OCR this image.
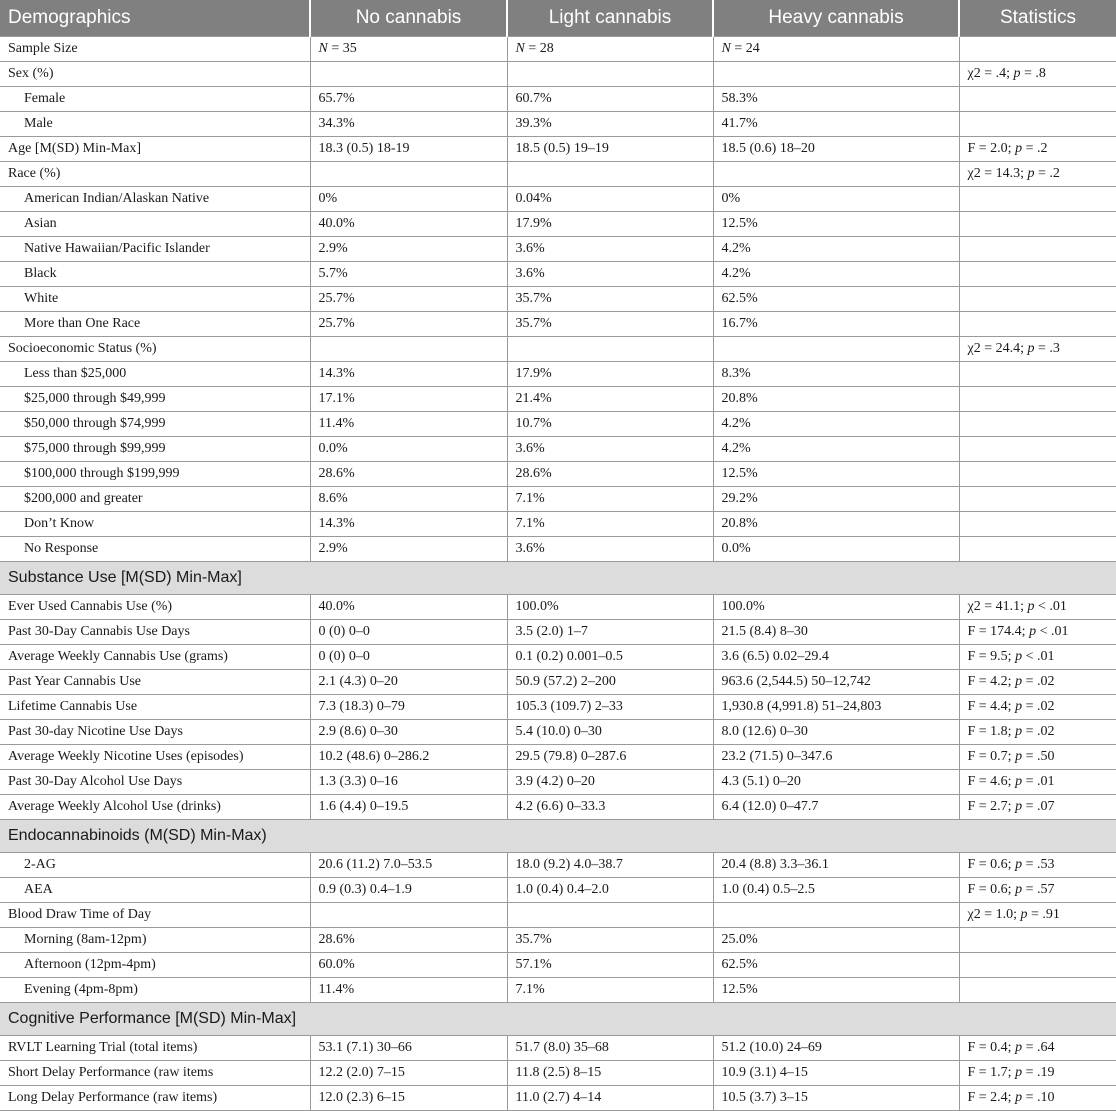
Demographics	No cannabis	Light cannabis	Heavy cannabis	Statistics
Sample Size	N = 35	N = 28	N = 24	
Sex (%)				χ2 = .4; p = .8
Female	65.7%	60.7%	58.3%	
Male	34.3%	39.3%	41.7%	
Age [M(SD) Min-Max]	18.3 (0.5) 18-19	18.5 (0.5) 19–19	18.5 (0.6) 18–20	F = 2.0; p = .2
Race (%)				χ2 = 14.3; p = .2
American Indian/Alaskan Native	0%	0.04%	0%	
Asian	40.0%	17.9%	12.5%	
Native Hawaiian/Pacific Islander	2.9%	3.6%	4.2%	
Black	5.7%	3.6%	4.2%	
White	25.7%	35.7%	62.5%	
More than One Race	25.7%	35.7%	16.7%	
Socioeconomic Status (%)				χ2 = 24.4; p = .3
Less than $25,000	14.3%	17.9%	8.3%	
$25,000 through $49,999	17.1%	21.4%	20.8%	
$50,000 through $74,999	11.4%	10.7%	4.2%	
$75,000 through $99,999	0.0%	3.6%	4.2%	
$100,000 through $199,999	28.6%	28.6%	12.5%	
$200,000 and greater	8.6%	7.1%	29.2%	
Don’t Know	14.3%	7.1%	20.8%	
No Response	2.9%	3.6%	0.0%	
Substance Use [M(SD) Min-Max]				
Ever Used Cannabis Use (%)	40.0%	100.0%	100.0%	χ2 = 41.1; p < .01
Past 30-Day Cannabis Use Days	0 (0) 0–0	3.5 (2.0) 1–7	21.5 (8.4) 8–30	F = 174.4; p < .01
Average Weekly Cannabis Use (grams)	0 (0) 0–0	0.1 (0.2) 0.001–0.5	3.6 (6.5) 0.02–29.4	F = 9.5; p < .01
Past Year Cannabis Use	2.1 (4.3) 0–20	50.9 (57.2) 2–200	963.6 (2,544.5) 50–12,742	F = 4.2; p = .02
Lifetime Cannabis Use	7.3 (18.3) 0–79	105.3 (109.7) 2–33	1,930.8 (4,991.8) 51–24,803	F = 4.4; p = .02
Past 30-day Nicotine Use Days	2.9 (8.6) 0–30	5.4 (10.0) 0–30	8.0 (12.6) 0–30	F = 1.8; p = .02
Average Weekly Nicotine Uses (episodes)	10.2 (48.6) 0–286.2	29.5 (79.8) 0–287.6	23.2 (71.5) 0–347.6	F = 0.7; p = .50
Past 30-Day Alcohol Use Days	1.3 (3.3) 0–16	3.9 (4.2) 0–20	4.3 (5.1) 0–20	F = 4.6; p = .01
Average Weekly Alcohol Use (drinks)	1.6 (4.4) 0–19.5	4.2 (6.6) 0–33.3	6.4 (12.0) 0–47.7	F = 2.7; p = .07
Endocannabinoids (M(SD) Min-Max)				
2-AG	20.6 (11.2) 7.0–53.5	18.0 (9.2) 4.0–38.7	20.4 (8.8) 3.3–36.1	F = 0.6; p = .53
AEA	0.9 (0.3) 0.4–1.9	1.0 (0.4) 0.4–2.0	1.0 (0.4) 0.5–2.5	F = 0.6; p = .57
Blood Draw Time of Day				χ2 = 1.0; p = .91
Morning (8am-12pm)	28.6%	35.7%	25.0%	
Afternoon (12pm-4pm)	60.0%	57.1%	62.5%	
Evening (4pm-8pm)	11.4%	7.1%	12.5%	
Cognitive Performance [M(SD) Min-Max]				
RVLT Learning Trial (total items)	53.1 (7.1) 30–66	51.7 (8.0) 35–68	51.2 (10.0) 24–69	F = 0.4; p = .64
Short Delay Performance (raw items	12.2 (2.0) 7–15	11.8 (2.5) 8–15	10.9 (3.1) 4–15	F = 1.7; p = .19
Long Delay Performance (raw items)	12.0 (2.3) 6–15	11.0 (2.7) 4–14	10.5 (3.7) 3–15	F = 2.4; p = .10
